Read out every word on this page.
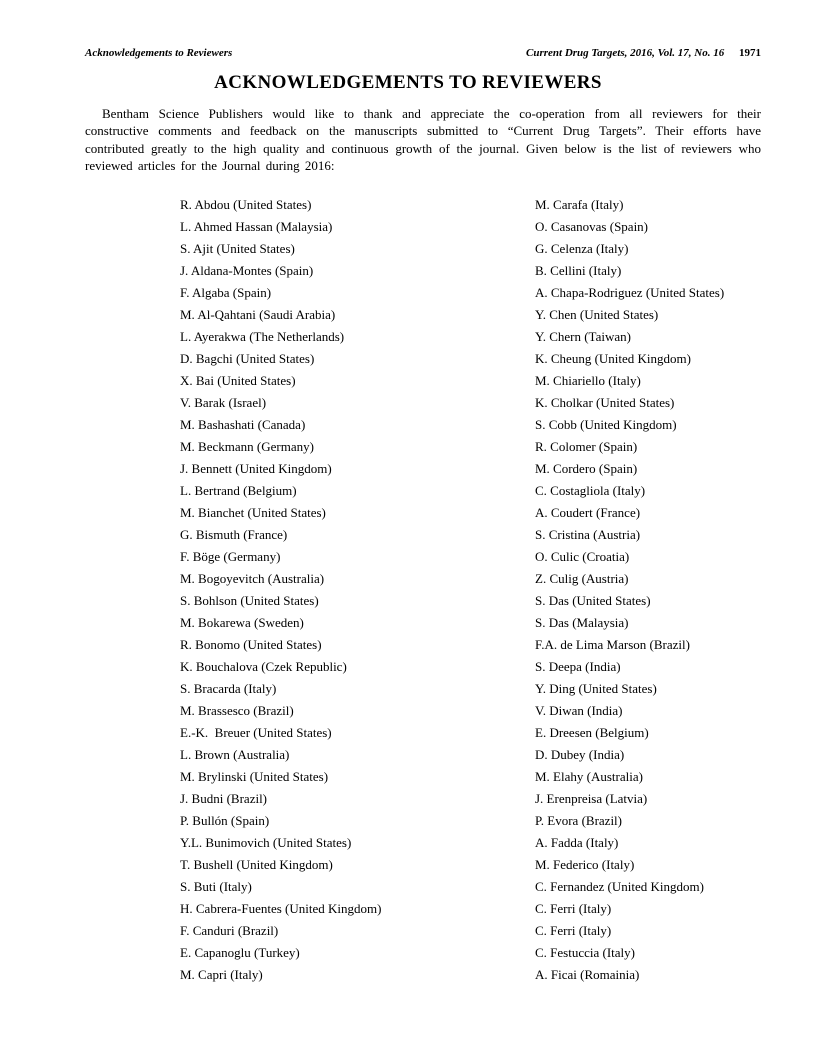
Acknowledgements to Reviewers	Current Drug Targets, 2016, Vol. 17, No. 16 1971
ACKNOWLEDGEMENTS TO REVIEWERS

Bentham Science Publishers would like to thank and appreciate the co-operation from all reviewers for their constructive comments and feedback on the manuscripts submitted to “Current Drug Targets”. Their efforts have contributed greatly to the high quality and continuous growth of the journal. Given below is the list of reviewers who reviewed articles for the Journal during 2016:

R. Abdou (United States)
L. Ahmed Hassan (Malaysia)
S. Ajit (United States)
J. Aldana-Montes (Spain)
F. Algaba (Spain)
M. Al-Qahtani (Saudi Arabia)
L. Ayerakwa (The Netherlands)
D. Bagchi (United States)
X. Bai (United States)
V. Barak (Israel)
M. Bashashati (Canada)
M. Beckmann (Germany)
J. Bennett (United Kingdom)
L. Bertrand (Belgium)
M. Bianchet (United States)
G. Bismuth (France)
F. Böge (Germany)
M. Bogoyevitch (Australia)
S. Bohlson (United States)
M. Bokarewa (Sweden)
R. Bonomo (United States)
K. Bouchalova (Czek Republic)
S. Bracarda (Italy)
M. Brassesco (Brazil)
E.-K.  Breuer (United States)
L. Brown (Australia)
M. Brylinski (United States)
J. Budni (Brazil)
P. Bullón (Spain)
Y.L. Bunimovich (United States)
T. Bushell (United Kingdom)
S. Buti (Italy)
H. Cabrera-Fuentes (United Kingdom)
F. Canduri (Brazil)
E. Capanoglu (Turkey)
M. Capri (Italy)
M. Carafa (Italy)
O. Casanovas (Spain)
G. Celenza (Italy)
B. Cellini (Italy)
A. Chapa-Rodriguez (United States)
Y. Chen (United States)
Y. Chern (Taiwan)
K. Cheung (United Kingdom)
M. Chiariello (Italy)
K. Cholkar (United States)
S. Cobb (United Kingdom)
R. Colomer (Spain)
M. Cordero (Spain)
C. Costagliola (Italy)
A. Coudert (France)
S. Cristina (Austria)
O. Culic (Croatia)
Z. Culig (Austria)
S. Das (United States)
S. Das (Malaysia)
F.A. de Lima Marson (Brazil)
S. Deepa (India)
Y. Ding (United States)
V. Diwan (India)
E. Dreesen (Belgium)
D. Dubey (India)
M. Elahy (Australia)
J. Erenpreisa (Latvia)
P. Evora (Brazil)
A. Fadda (Italy)
M. Federico (Italy)
C. Fernandez (United Kingdom)
C. Ferri (Italy)
C. Ferri (Italy)
C. Festuccia (Italy)
A. Ficai (Romainia)
